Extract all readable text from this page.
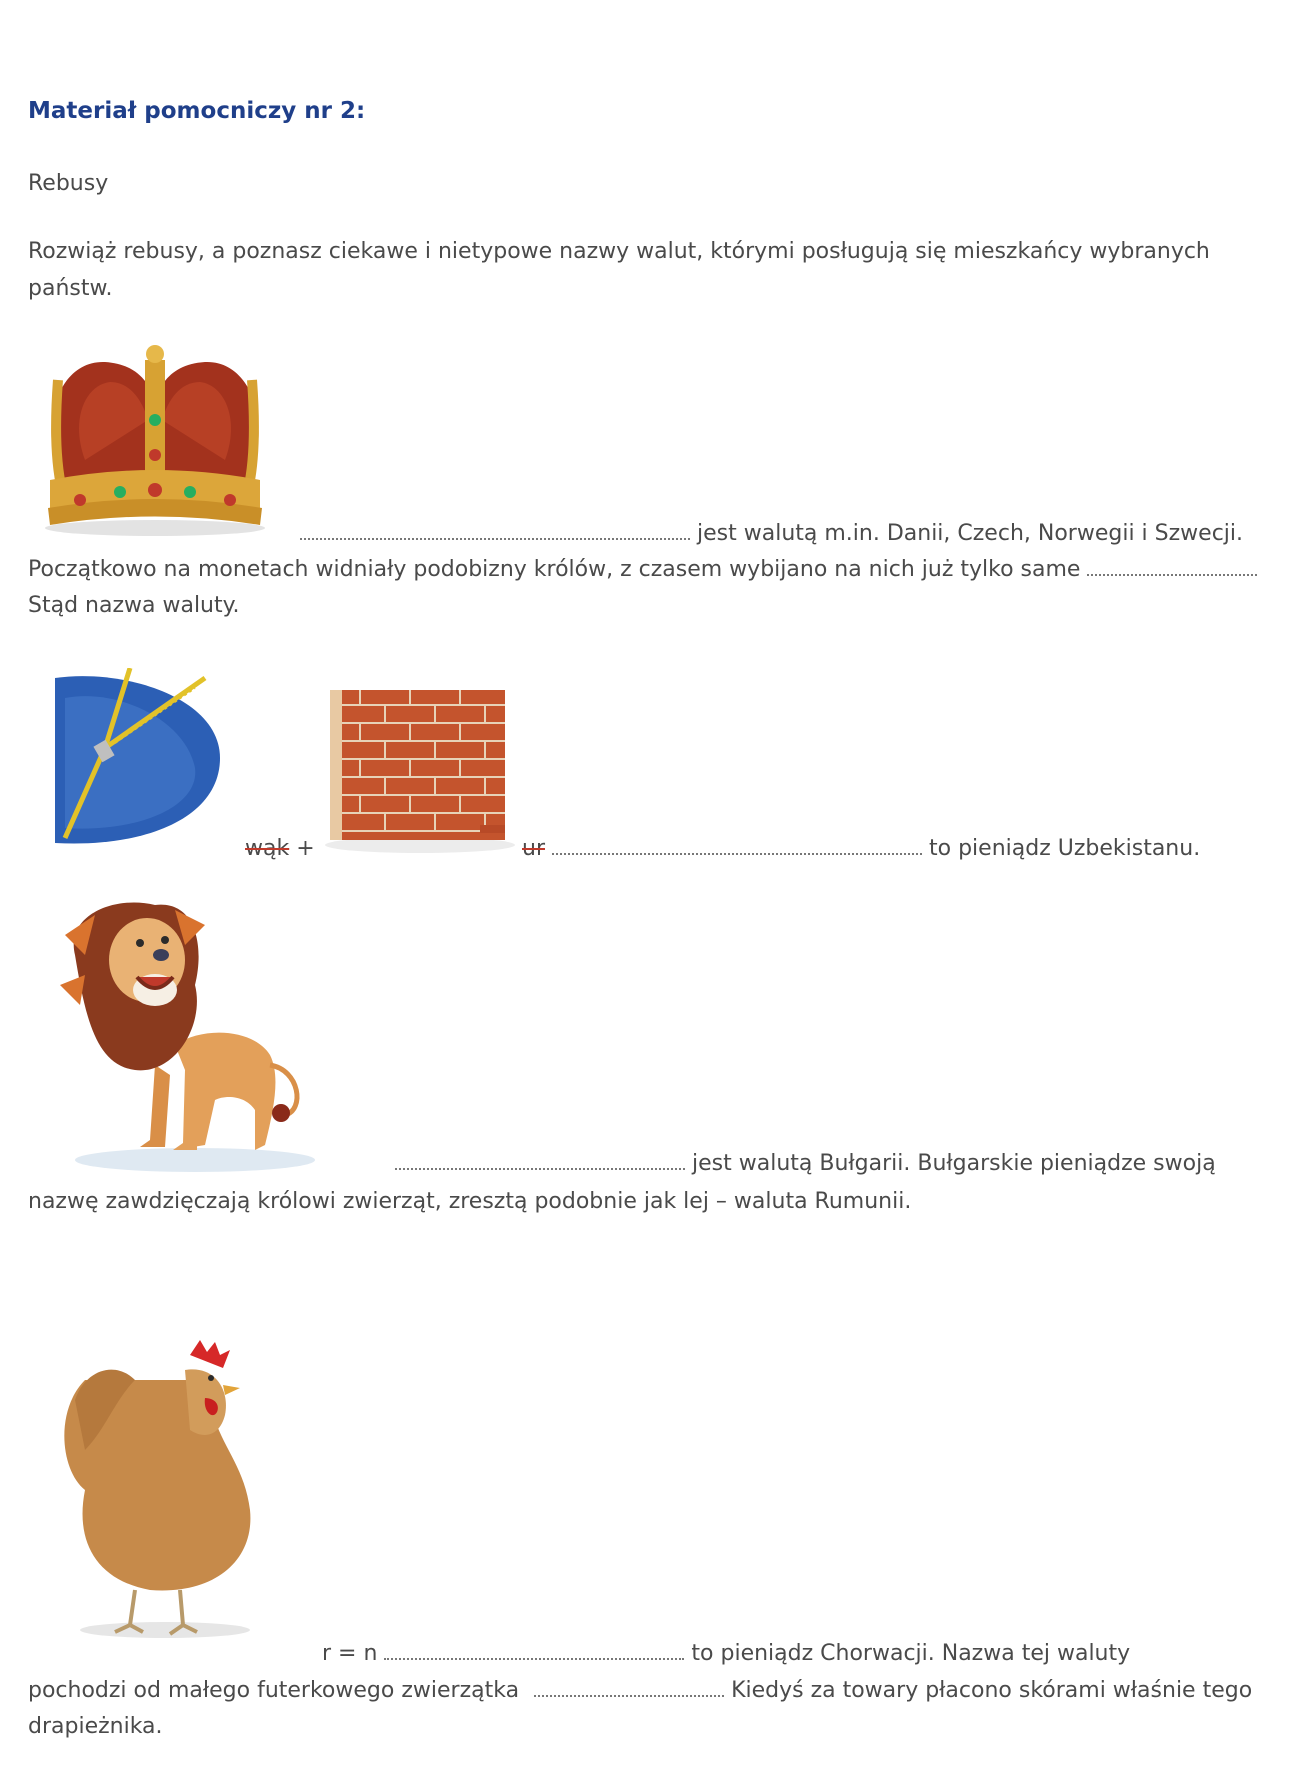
Materiał pomocniczy nr 2:
Rebusy
Rozwiąż rebusy, a poznasz ciekawe i nietypowe nazwy walut, którymi posługują się mieszkańcy wybranych
państw.
jest walutą m.in. Danii, Czech, Norwegii i Szwecji.
Początkowo na monetach widniały podobizny królów, z czasem wybijano na nich już tylko same
Stąd nazwa waluty.
wąk +	ur	to pieniądz Uzbekistanu.
jest walutą Bułgarii. Bułgarskie pieniądze swoją
nazwę zawdzięczają królowi zwierząt, zresztą podobnie jak lej – waluta Rumunii.
r = n	to pieniądz Chorwacji. Nazwa tej waluty
pochodzi od małego futerkowego zwierzątka	Kiedyś za towary płacono skórami właśnie tego
drapieżnika.
